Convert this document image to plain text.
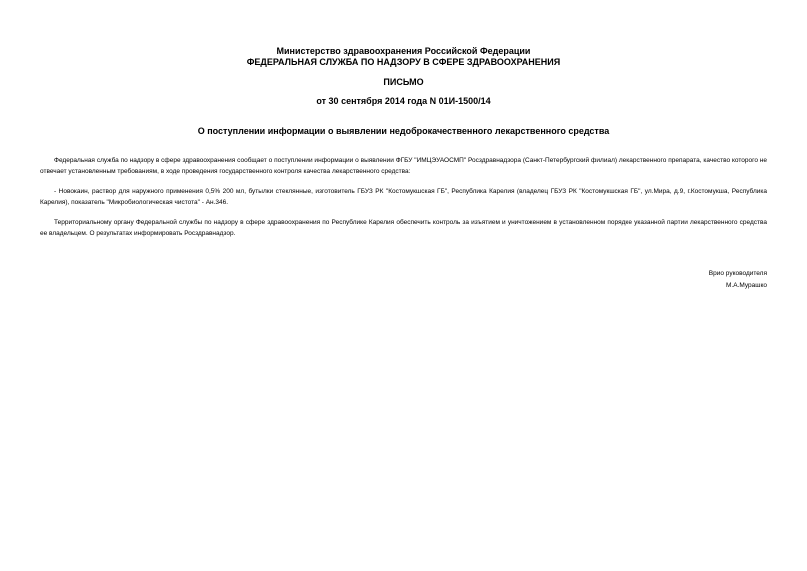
Министерство здравоохранения Российской Федерации
ФЕДЕРАЛЬНАЯ СЛУЖБА ПО НАДЗОРУ В СФЕРЕ ЗДРАВООХРАНЕНИЯ
ПИСЬМО
от 30 сентября 2014 года N 01И-1500/14
О поступлении информации о выявлении недоброкачественного лекарственного средства
Федеральная служба по надзору в сфере здравоохранения сообщает о поступлении информации о выявлении ФГБУ "ИМЦЭУАОСМП" Росздравнадзора (Санкт-Петербургский филиал) лекарственного препарата, качество которого не отвечает установленным требованиям, в ходе проведения государственного контроля качества лекарственного средства:
- Новокаин, раствор для наружного применения 0,5% 200 мл, бутылки стеклянные, изготовитель ГБУЗ РК "Костомукшская ГБ", Республика Карелия (владелец ГБУЗ РК "Костомукшская ГБ", ул.Мира, д.9, г.Костомукша, Республика Карелия), показатель "Микробиологическая чистота" - Ан.346.
Территориальному органу Федеральной службы по надзору в сфере здравоохранения по Республике Карелия обеспечить контроль за изъятием и уничтожением в установленном порядке указанной партии лекарственного средства ее владельцем. О результатах информировать Росздравнадзор.
Врио руководителя
М.А.Мурашко
